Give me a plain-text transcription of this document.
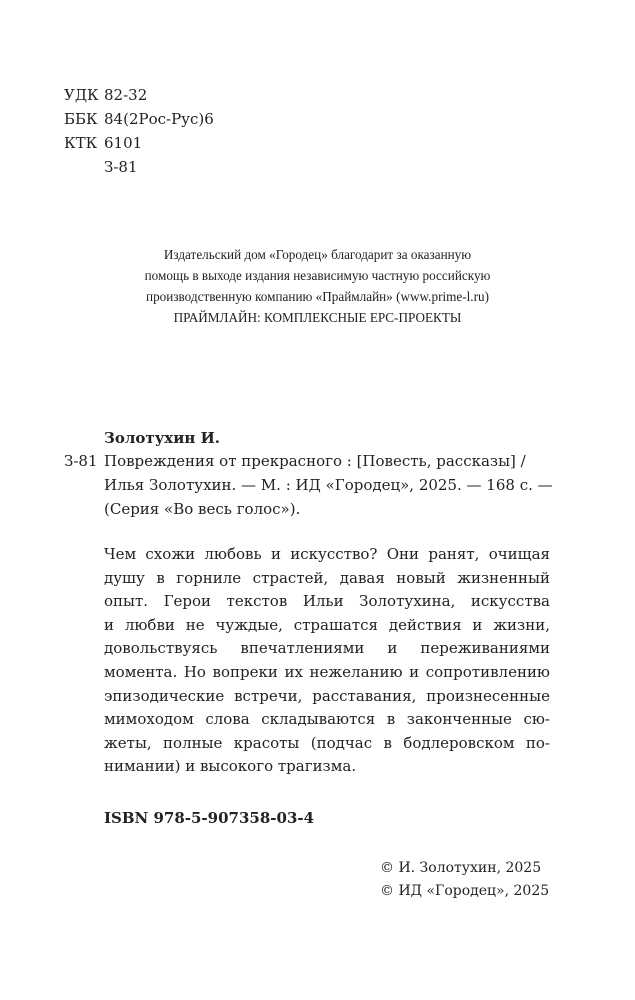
УДК 82-32
ББК 84(2Рос-Рус)6
КТК 6101
З-81
Издательский дом «Городец» благодарит за оказанную
помощь в выходе издания независимую частную российскую
производственную компанию «Праймлайн» (www.prime-l.ru)
ПРАЙМЛАЙН: КОМПЛЕКСНЫЕ EPC-ПРОЕКТЫ
Золотухин И.
З-81 Повреждения от прекрасного : [Повесть, рассказы] /
Илья Золотухин. — М. : ИД «Городец», 2025. — 168 с. —
(Серия «Во весь голос»).
Чем схожи любовь и искусство? Они ранят, очищая
душу в горниле страстей, давая новый жизненный
опыт. Герои текстов Ильи Золотухина, искусства
и любви не чуждые, страшатся действия и жизни,
довольствуясь впечатлениями и переживаниями
момента. Но вопреки их нежеланию и сопротивлению
эпизодические встречи, расставания, произнесенные
мимоходом слова складываются в законченные сю-
жеты, полные красоты (подчас в бодлеровском по-
нимании) и высокого трагизма.
ISBN 978-5-907358-03-4
© И. Золотухин, 2025
© ИД «Городец», 2025
